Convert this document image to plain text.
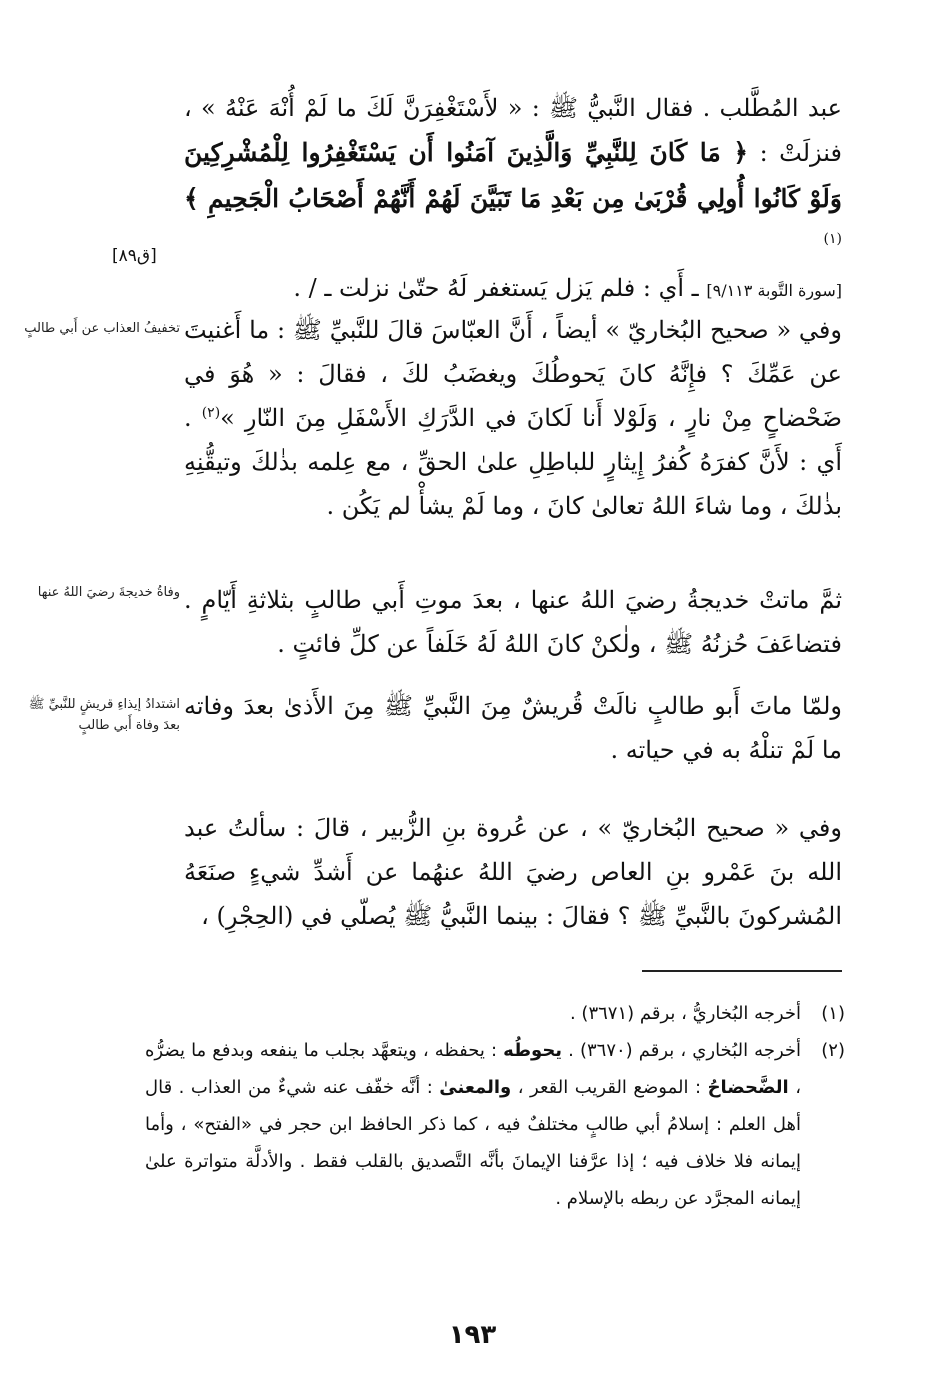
عبد المُطَّلب . فقال النَّبيُّ ﷺ : « لأَسْتَغْفِرَنَّ لَكَ ما لَمْ أُنْهَ عَنْهُ » ، فنزلَتْ : ﴿ مَا كَانَ لِلنَّبِيِّ وَالَّذِينَ آمَنُوا أَن يَسْتَغْفِرُوا لِلْمُشْرِكِينَ وَلَوْ كَانُوا أُولِي قُرْبَىٰ مِن بَعْدِ مَا تَبَيَّنَ لَهُمْ أَنَّهُمْ أَصْحَابُ الْجَحِيمِ ﴾$^{(١)}$
[سورة التَّوبة ٩/١١٣] ـ أَي : فلم يَزل يَستغفر لَهُ حتّىٰ نزلت ـ / .
[ق٨٩]
وفي « صحيح البُخاريّ » أيضاً ، أَنَّ العبّاسَ قالَ للنَّبيِّ ﷺ : ما أَغنيتَ عن عَمِّكَ ؟ فإِنَّهُ كانَ يَحوطُكَ ويغضَبُ لكَ ، فقالَ : « هُوَ في ضَحْضاحٍ مِنْ نارٍ ، وَلَوْلا أَنا لَكانَ في الدَّرَكِ الأَسْفَلِ مِنَ النّارِ »$^{(٢)}$ . أَي : لأَنَّ كفرَهُ كُفرُ إِيثارٍ للباطِلِ علىٰ الحقِّ ، مع عِلمه بذٰلكَ وتيقُّنِهِ بذٰلكَ ، وما شاءَ اللهُ تعالىٰ كانَ ، وما لَمْ يشأْ لم يَكُن .
تخفيفُ العذاب عن أَبي طالبٍ
ثمَّ ماتتْ خديجةُ رضيَ اللهُ عنها ، بعدَ موتِ أَبي طالبٍ بثلاثةِ أَيّامٍ . فتضاعَفَ حُزنُهُ ﷺ ، ولٰكنْ كانَ اللهُ لَهُ خَلَفاً عن كلِّ فائتٍ .
وفاةُ خديجةَ رضيَ اللهُ عنها
ولمّا ماتَ أَبو طالبٍ نالَتْ قُريشٌ مِنَ النَّبيِّ ﷺ مِنَ الأَذىٰ بعدَ وفاته ما لَمْ تنلْهُ به في حياته .
اشتدادُ إيذاءِ قريشٍ للنَّبيِّ ﷺ بعدَ وفاة أَبي طالبٍ
وفي « صحيح البُخاريّ » ، عن عُروة بنِ الزُّبير ، قالَ : سألتُ عبد الله بنَ عَمْرو بنِ العاص رضيَ اللهُ عنهُما عن أَشدِّ شيءٍ صنَعَهُ المُشركونَ بالنَّبيِّ ﷺ ؟ فقالَ : بينما النَّبيُّ ﷺ يُصلّي في (الحِجْرِ) ،
(١)
أخرجه البُخاريُّ ، برقم (٣٦٧١) .
(٢)
أخرجه البُخاري ، برقم (٣٦٧٠) . يحوطُه : يحفظه ، ويتعهَّد بجلب ما ينفعه وبدفع ما يضرُّه ، الضَّحضاحُ : الموضع القريب القعر ، والمعنىٰ : أنَّه خفّف عنه شيءٌ من العذاب . قال أهل العلم : إسلامُ أبي طالبٍ مختلفٌ فيه ، كما ذكر الحافظ ابن حجر في «الفتح» ، وأما إيمانه فلا خلاف فيه ؛ إذا عرَّفنا الإيمانَ بأنَّه التَّصديق بالقلب فقط . والأدلَّة متواترة علىٰ إيمانه المجرَّد عن ربطه بالإسلام .
١٩٣
